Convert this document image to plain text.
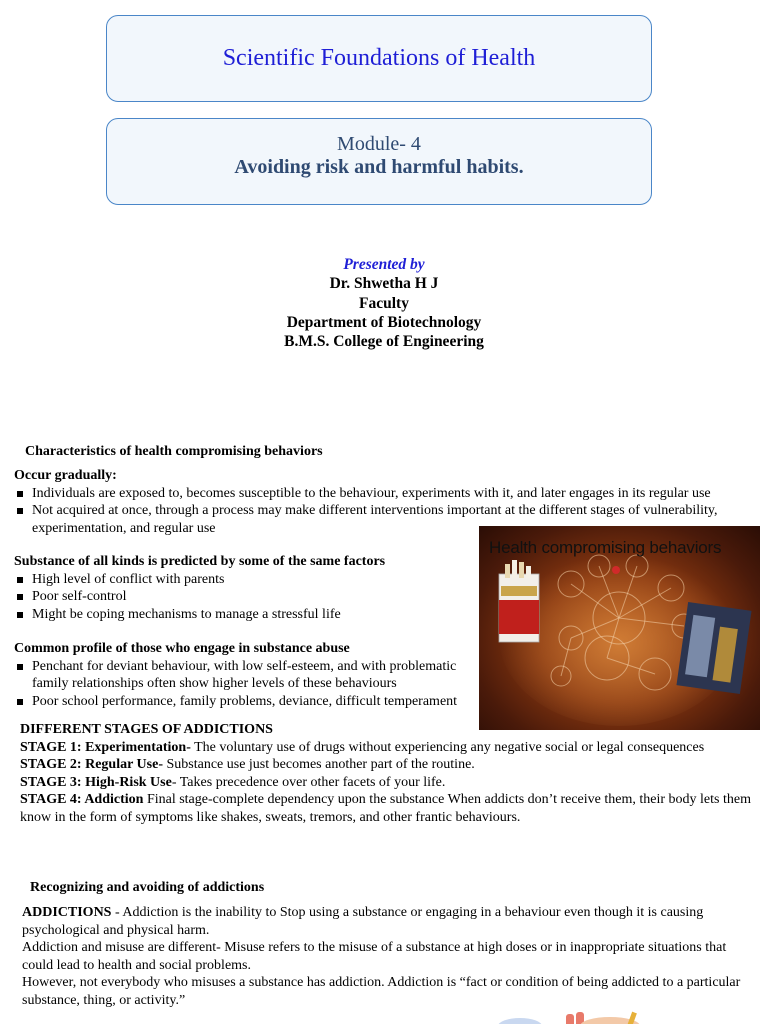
Scientific Foundations of Health
Module- 4
Avoiding risk and harmful habits.
Presented by
Dr. Shwetha H J
Faculty
Department of Biotechnology
B.M.S. College of Engineering
Characteristics of health compromising behaviors
Occur gradually:
Individuals are exposed to, becomes susceptible to the behaviour, experiments with it, and later engages in its regular use
Not acquired at once, through a process may make different interventions important at the different stages of vulnerability, experimentation, and regular use
Substance of all kinds is predicted by some of the same factors
High level of conflict with parents
Poor self-control
Might be coping mechanisms to manage a stressful life
Common profile of those who engage in substance abuse
Penchant for deviant behaviour, with low self-esteem, and with problematic family relationships often show higher levels of these behaviours
Poor school performance, family problems, deviance, difficult temperament
Health compromising behaviors
DIFFERENT STAGES OF ADDICTIONS
STAGE 1: Experimentation- The voluntary use of drugs without experiencing any negative social or legal consequences
STAGE 2: Regular Use- Substance use just becomes another part of the routine.
STAGE 3: High-Risk Use- Takes precedence over other facets of your life.
STAGE 4: Addiction Final stage-complete dependency upon the substance When addicts don’t receive them, their body lets them know in the form of symptoms like shakes, sweats, tremors, and other frantic behaviours.
Recognizing and avoiding of addictions
ADDICTIONS - Addiction is the inability to Stop using a substance or engaging in a behaviour even though it is causing psychological and physical harm.
Addiction and misuse are different- Misuse refers to the misuse of a substance at high doses or in inappropriate situations that could lead to health and social problems.
However, not everybody who misuses a substance has addiction. Addiction is “fact or condition of being addicted to a particular substance, thing, or activity.”
